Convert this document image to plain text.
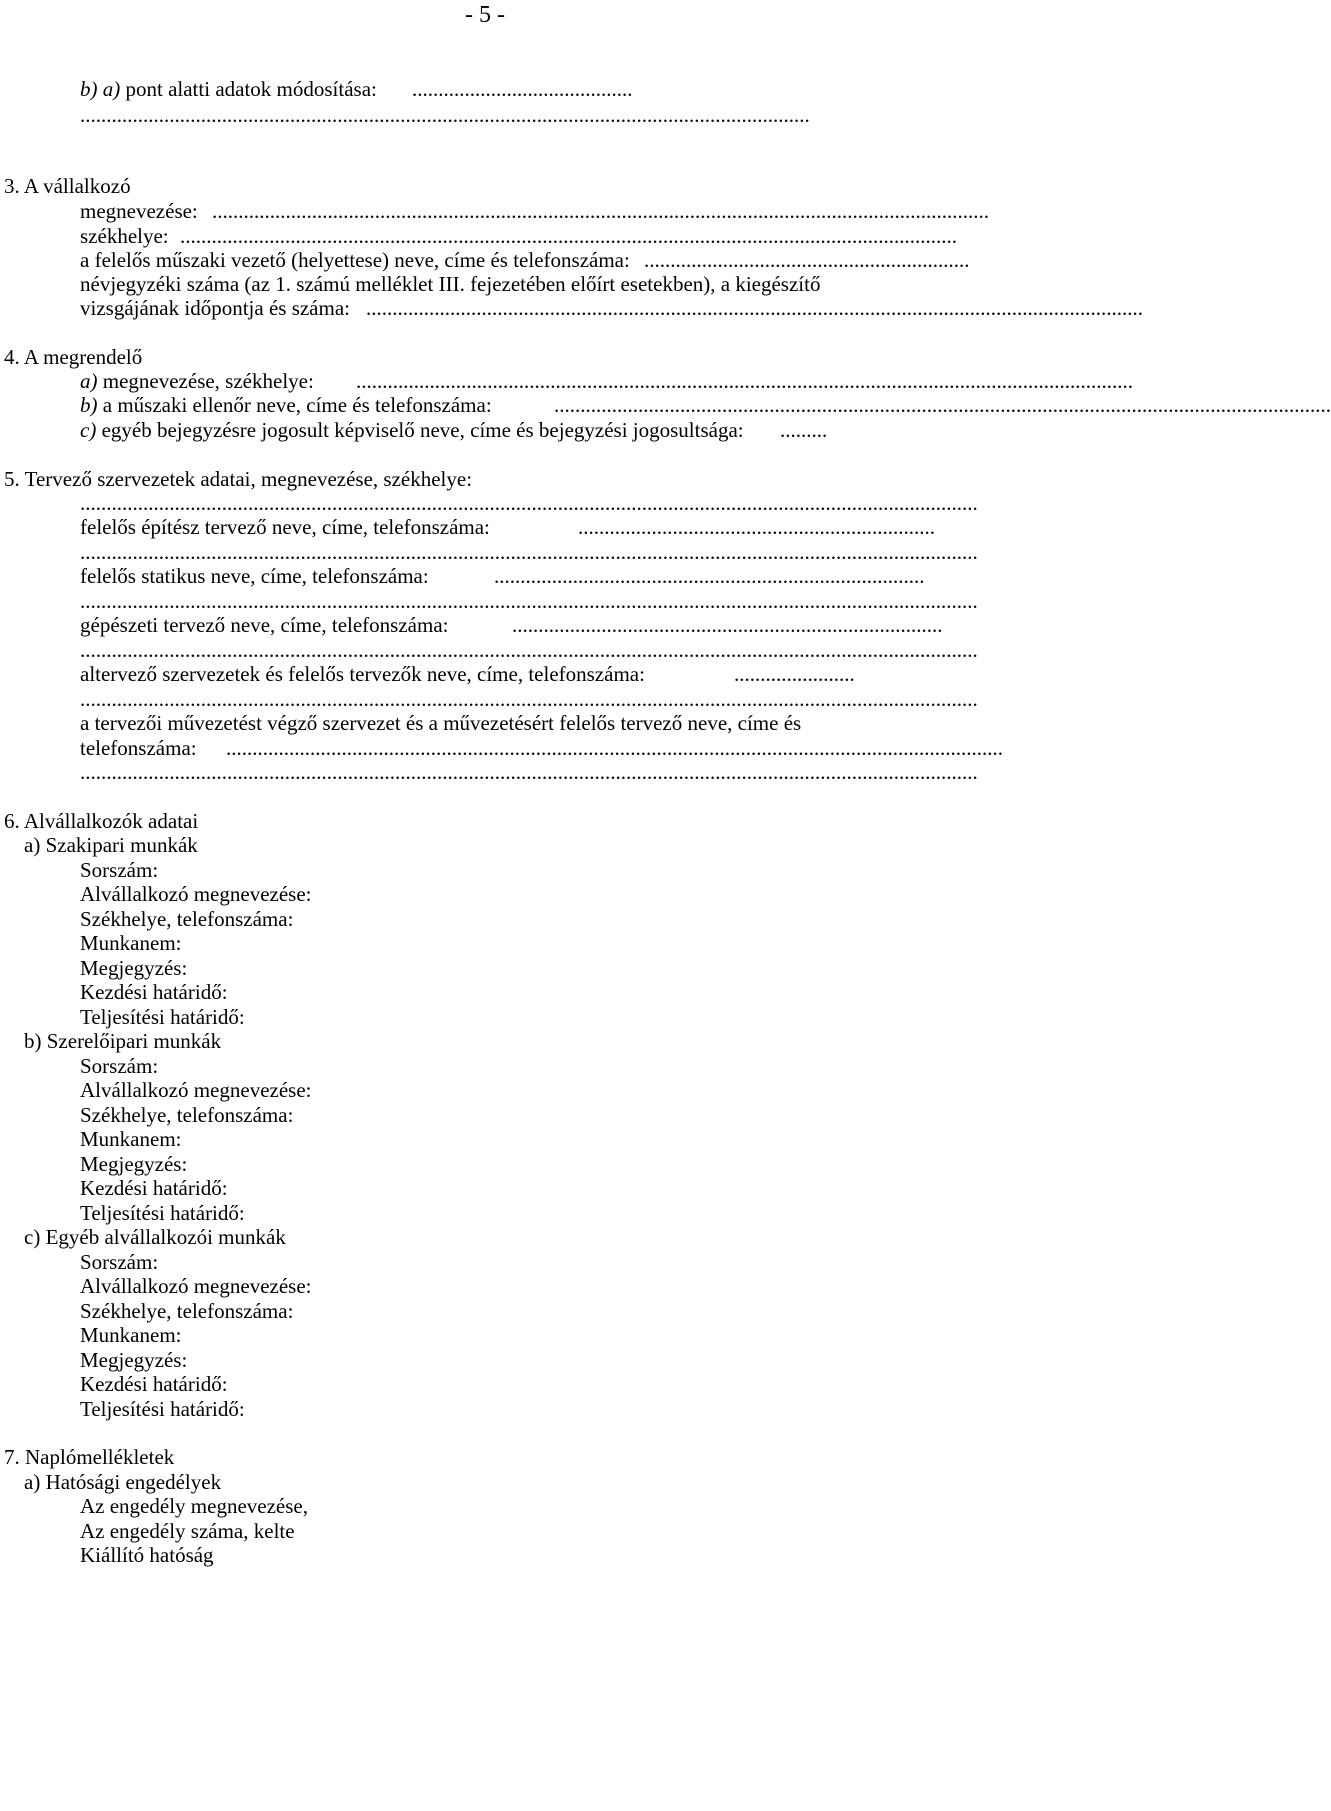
- 5 -
b) a) pont alatti adatok módosítása: ..........................................
...........................................................................................................................................
3. A vállalkozó
megnevezése: ....................................................................................................................................................
székhelye: ....................................................................................................................................................
a felelős műszaki vezető (helyettese) neve, címe és telefonszáma: ..............................................................
névjegyzéki száma (az 1. számú melléklet III. fejezetében előírt esetekben), a kiegészítő
vizsgájának időpontja és száma: ....................................................................................................................................................
4. A megrendelő
a) megnevezése, székhelye: ....................................................................................................................................................
b) a műszaki ellenőr neve, címe és telefonszáma:	....................................................................................................................................................
c) egyéb bejegyzésre jogosult képviselő neve, címe és bejegyzési jogosultsága: .........
5. Tervező szervezetek adatai, megnevezése, székhelye:
...........................................................................................................................................................................
felelős építész tervező neve, címe, telefonszáma:	....................................................................
...........................................................................................................................................................................
felelős statikus neve, címe, telefonszáma:	..................................................................................
...........................................................................................................................................................................
gépészeti tervező neve, címe, telefonszáma:	..................................................................................
...........................................................................................................................................................................
altervező szervezetek és felelős tervezők neve, címe, telefonszáma:	.......................
...........................................................................................................................................................................
a tervezői művezetést végző szervezet és a művezetésért felelős tervező neve, címe és
telefonszáma: ....................................................................................................................................................
...........................................................................................................................................................................
6. Alvállalkozók adatai
a) Szakipari munkák
Sorszám:
Alvállalkozó megnevezése:
Székhelye, telefonszáma:
Munkanem:
Megjegyzés:
Kezdési határidő:
Teljesítési határidő:
b) Szerelőipari munkák
Sorszám:
Alvállalkozó megnevezése:
Székhelye, telefonszáma:
Munkanem:
Megjegyzés:
Kezdési határidő:
Teljesítési határidő:
c) Egyéb alvállalkozói munkák
Sorszám:
Alvállalkozó megnevezése:
Székhelye, telefonszáma:
Munkanem:
Megjegyzés:
Kezdési határidő:
Teljesítési határidő:
7. Naplómellékletek
a) Hatósági engedélyek
Az engedély megnevezése,
Az engedély száma, kelte
Kiállító hatóság
